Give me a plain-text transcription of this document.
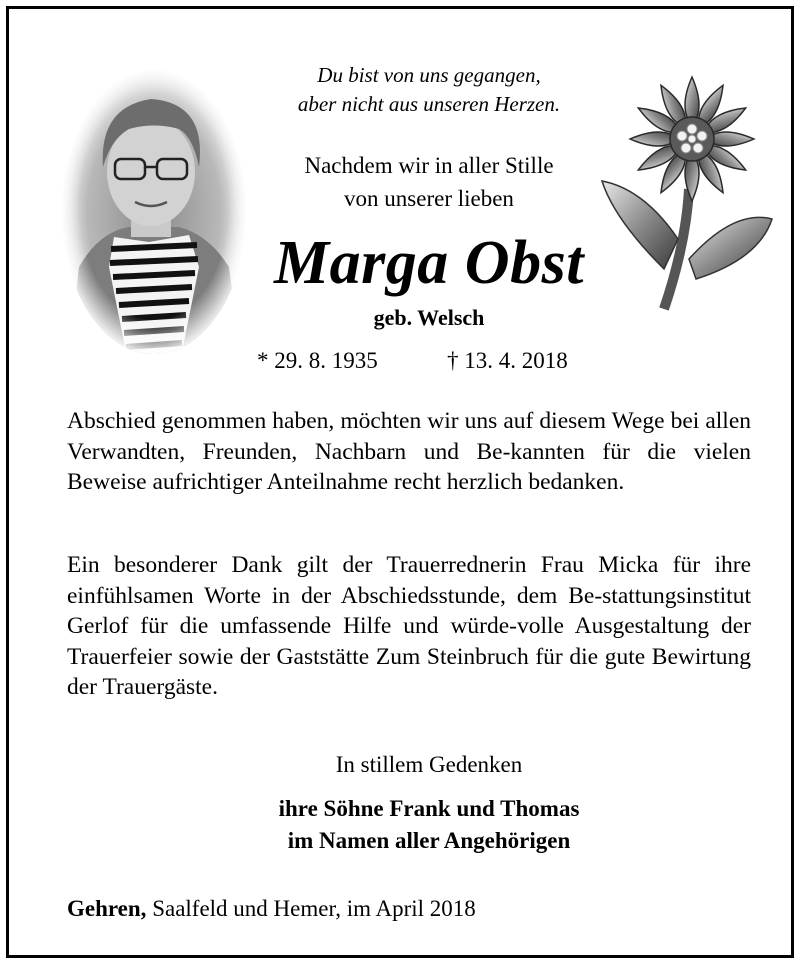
Du bist von uns gegangen,
aber nicht aus unseren Herzen.
Nachdem wir in aller Stille
von unserer lieben
Marga Obst
geb. Welsch
* 29. 8. 1935	† 13. 4. 2018
Abschied genommen haben, möchten wir uns auf diesem Wege bei allen Verwandten, Freunden, Nachbarn und Be-kannten für die vielen Beweise aufrichtiger Anteilnahme recht herzlich bedanken.
Ein besonderer Dank gilt der Trauerrednerin Frau Micka für ihre einfühlsamen Worte in der Abschiedsstunde, dem Be-stattungsinstitut Gerlof für die umfassende Hilfe und würde-volle Ausgestaltung der Trauerfeier sowie der Gaststätte Zum Steinbruch für die gute Bewirtung der Trauergäste.
In stillem Gedenken
ihre Söhne Frank und Thomas
im Namen aller Angehörigen
Gehren, Saalfeld und Hemer, im April 2018
